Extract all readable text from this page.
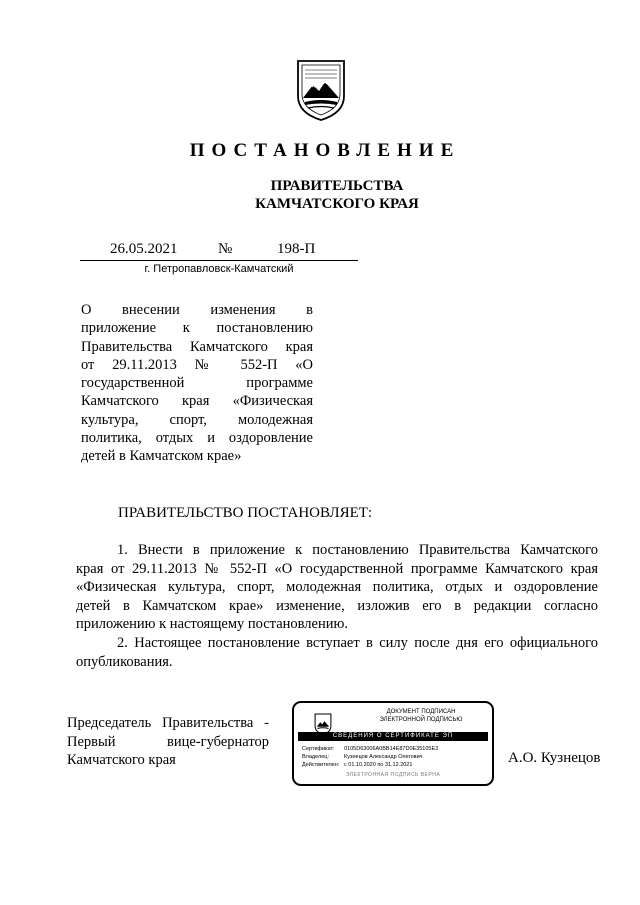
ПОСТАНОВЛЕНИЕ
ПРАВИТЕЛЬСТВА
КАМЧАТСКОГО КРАЯ
26.05.2021	№	198-П
г. Петропавловск-Камчатский
О внесении изменения в
приложение к постановлению
Правительства Камчатского края
от 29.11.2013 № 552-П «О
государственной программе
Камчатского края «Физическая
культура, спорт, молодежная
политика, отдых и оздоровление
детей в Камчатском крае»
ПРАВИТЕЛЬСТВО ПОСТАНОВЛЯЕТ:
1. Внести в приложение к постановлению Правительства Камчатского
края от 29.11.2013 № 552-П «О государственной программе Камчатского края
«Физическая культура, спорт, молодежная политика, отдых и оздоровление
детей в Камчатском крае» изменение, изложив его в редакции согласно
приложению к настоящему постановлению.
2. Настоящее постановление вступает в силу после дня его официального
опубликования.
Председатель Правительства -
Первый вице-губернатор
Камчатского края
ДОКУМЕНТ ПОДПИСАН
ЭЛЕКТРОННОЙ ПОДПИСЬЮ
СВЕДЕНИЯ О СЕРТИФИКАТЕ ЭП
Сертификат: 0105D63006A0BB14E87D0E35105E3
Владелец:	Кузнецов Александр Олегович
Действителен: с 01.10.2020 по 31.12.2021
ЭЛЕКТРОННАЯ ПОДПИСЬ ВЕРНА
А.О. Кузнецов
